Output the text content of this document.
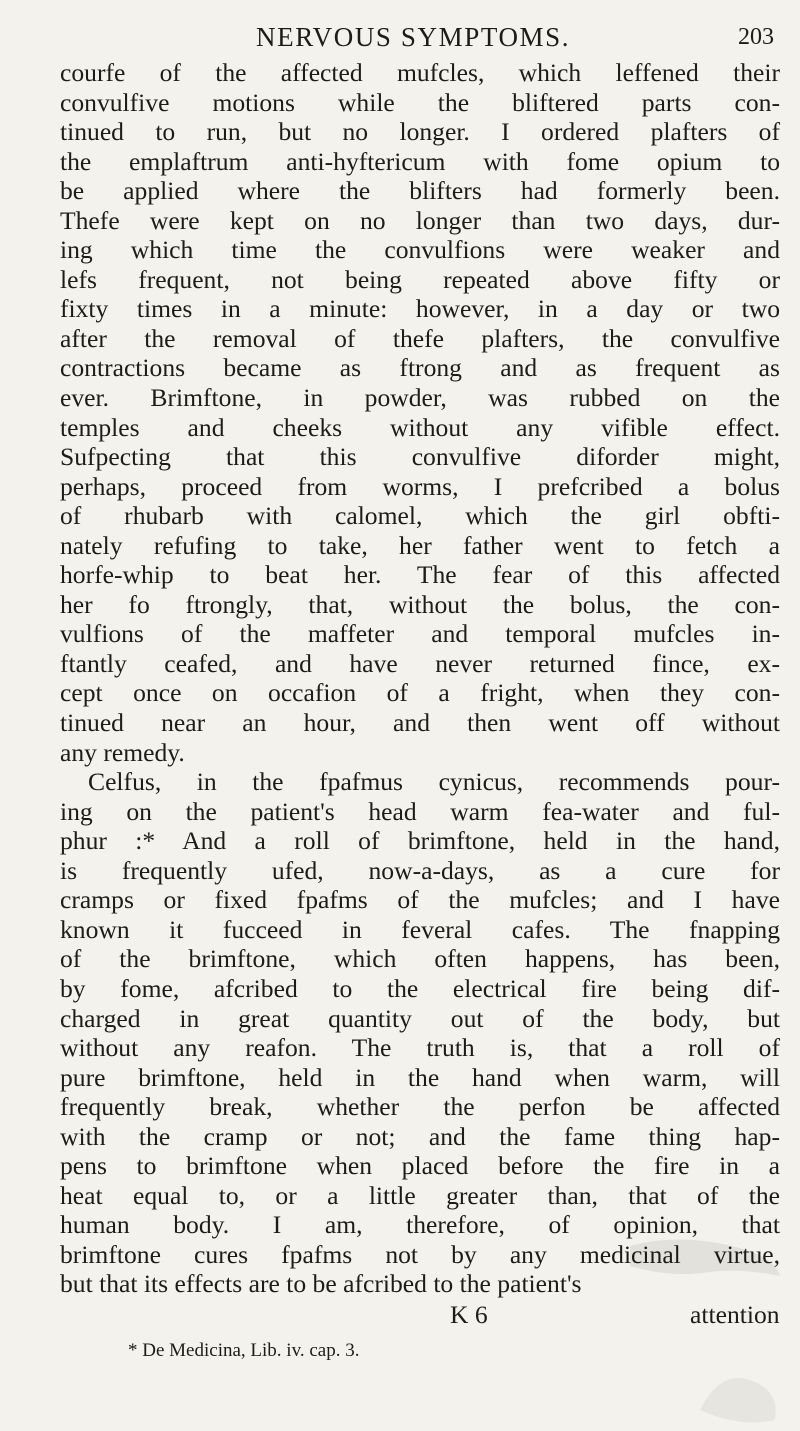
NERVOUS SYMPTOMS.	203
courfe of the affected mufcles, which leffened their
convulfive motions while the bliftered parts con-
tinued to run, but no longer. I ordered plafters of
the emplaftrum anti-hyftericum with fome opium to
be applied where the blifters had formerly been.
Thefe were kept on no longer than two days, dur-
ing which time the convulfions were weaker and
lefs frequent, not being repeated above fifty or
fixty times in a minute: however, in a day or two
after the removal of thefe plafters, the convulfive
contractions became as ftrong and as frequent as
ever. Brimftone, in powder, was rubbed on the
temples and cheeks without any vifible effect.
Sufpecting that this convulfive diforder might,
perhaps, proceed from worms, I prefcribed a bolus
of rhubarb with calomel, which the girl obfti-
nately refufing to take, her father went to fetch a
horfe-whip to beat her. The fear of this affected
her fo ftrongly, that, without the bolus, the con-
vulfions of the maffeter and temporal mufcles in-
ftantly ceafed, and have never returned fince, ex-
cept once on occafion of a fright, when they con-
tinued near an hour, and then went off without
any remedy.
Celfus, in the fpafmus cynicus, recommends pour-
ing on the patient's head warm fea-water and ful-
phur :* And a roll of brimftone, held in the hand,
is frequently ufed, now-a-days, as a cure for
cramps or fixed fpafms of the mufcles; and I have
known it fucceed in feveral cafes. The fnapping
of the brimftone, which often happens, has been,
by fome, afcribed to the electrical fire being dif-
charged in great quantity out of the body, but
without any reafon. The truth is, that a roll of
pure brimftone, held in the hand when warm, will
frequently break, whether the perfon be affected
with the cramp or not; and the fame thing hap-
pens to brimftone when placed before the fire in a
heat equal to, or a little greater than, that of the
human body. I am, therefore, of opinion, that
brimftone cures fpafms not by any medicinal virtue,
but that its effects are to be afcribed to the patient's
K 6	attention
* De Medicina, Lib. iv. cap. 3.
